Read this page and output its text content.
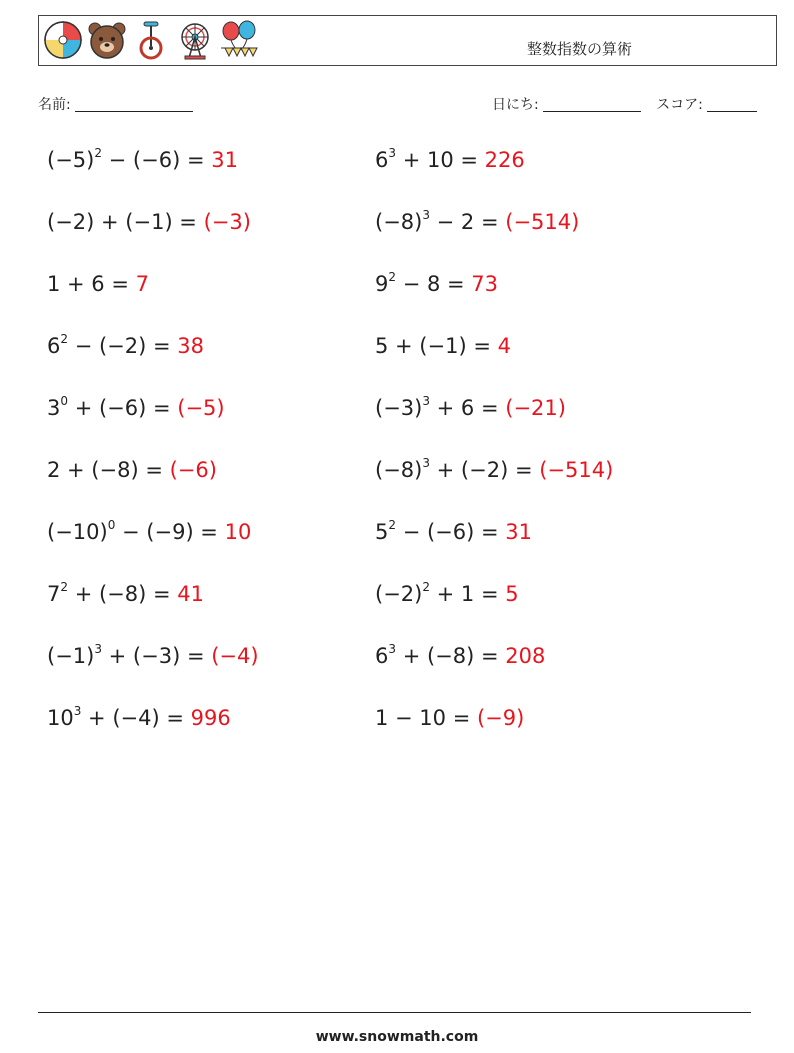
整数指数の算術
名前:	日にち:	スコア:
$(-5)^2 - (-6) = 31$	$6^3 + 10 = 226$
(−2) + (−1) = (−3)	$(-8)^3 - 2 = (-514)$
1 + 6 = 7	$9^2 - 8 = 73$
$6^2 - (-2) = 38$	5 + (−1) = 4
$3^0 + (-6) = (-5)$	$(-3)^3 + 6 = (-21)$
2 + (−8) = (−6)	$(-8)^3 + (-2) = (-514)$
$(-10)^0 - (-9) = 10$	$5^2 - (-6) = 31$
$7^2 + (-8) = 41$	$(-2)^2 + 1 = 5$
$(-1)^3 + (-3) = (-4)$	$6^3 + (-8) = 208$
$10^3 + (-4) = 996$	1 − 10 = (−9)
www.snowmath.com
